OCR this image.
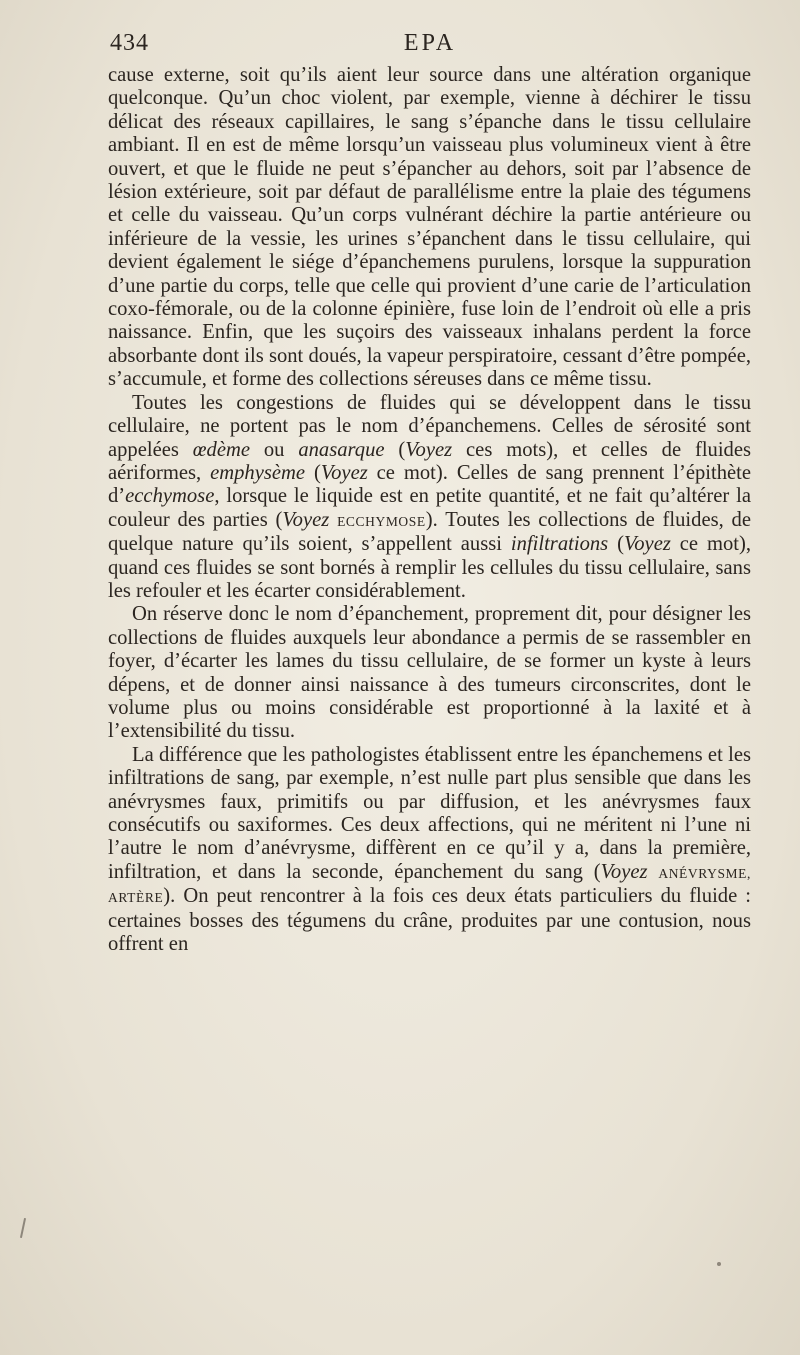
434	EPA

cause externe, soit qu’ils aient leur source dans une altération organique quelconque. Qu’un choc violent, par exemple, vienne à déchirer le tissu délicat des réseaux capillaires, le sang s’épanche dans le tissu cellulaire ambiant. Il en est de même lorsqu’un vaisseau plus volumineux vient à être ouvert, et que le fluide ne peut s’épancher au dehors, soit par l’absence de lésion extérieure, soit par défaut de parallélisme entre la plaie des tégumens et celle du vaisseau. Qu’un corps vulnérant déchire la partie antérieure ou inférieure de la vessie, les urines s’épanchent dans le tissu cellulaire, qui devient également le siége d’épanchemens purulens, lorsque la suppuration d’une partie du corps, telle que celle qui provient d’une carie de l’articulation coxo-fémorale, ou de la colonne épinière, fuse loin de l’endroit où elle a pris naissance. Enfin, que les suçoirs des vaisseaux inhalans perdent la force absorbante dont ils sont doués, la vapeur perspiratoire, cessant d’être pompée, s’accumule, et forme des collections séreuses dans ce même tissu.

Toutes les congestions de fluides qui se développent dans le tissu cellulaire, ne portent pas le nom d’épanchemens. Celles de sérosité sont appelées œdème ou anasarque (Voyez ces mots), et celles de fluides aériformes, emphysème (Voyez ce mot). Celles de sang prennent l’épithète d’ecchymose, lorsque le liquide est en petite quantité, et ne fait qu’altérer la couleur des parties (Voyez ECCHYMOSE). Toutes les collections de fluides, de quelque nature qu’ils soient, s’appellent aussi infiltrations (Voyez ce mot), quand ces fluides se sont bornés à remplir les cellules du tissu cellulaire, sans les refouler et les écarter considérablement.

On réserve donc le nom d’épanchement, proprement dit, pour désigner les collections de fluides auxquels leur abondance a permis de se rassembler en foyer, d’écarter les lames du tissu cellulaire, de se former un kyste à leurs dépens, et de donner ainsi naissance à des tumeurs circonscrites, dont le volume plus ou moins considérable est proportionné à la laxité et à l’extensibilité du tissu.

La différence que les pathologistes établissent entre les épanchemens et les infiltrations de sang, par exemple, n’est nulle part plus sensible que dans les anévrysmes faux, primitifs ou par diffusion, et les anévrysmes faux consécutifs ou saxiformes. Ces deux affections, qui ne méritent ni l’une ni l’autre le nom d’anévrysme, diffèrent en ce qu’il y a, dans la première, infiltration, et dans la seconde, épanchement du sang (Voyez ANÉVRYSME, ARTÈRE). On peut rencontrer à la fois ces deux états particuliers du fluide : certaines bosses des tégumens du crâne, produites par une contusion, nous offrent en
